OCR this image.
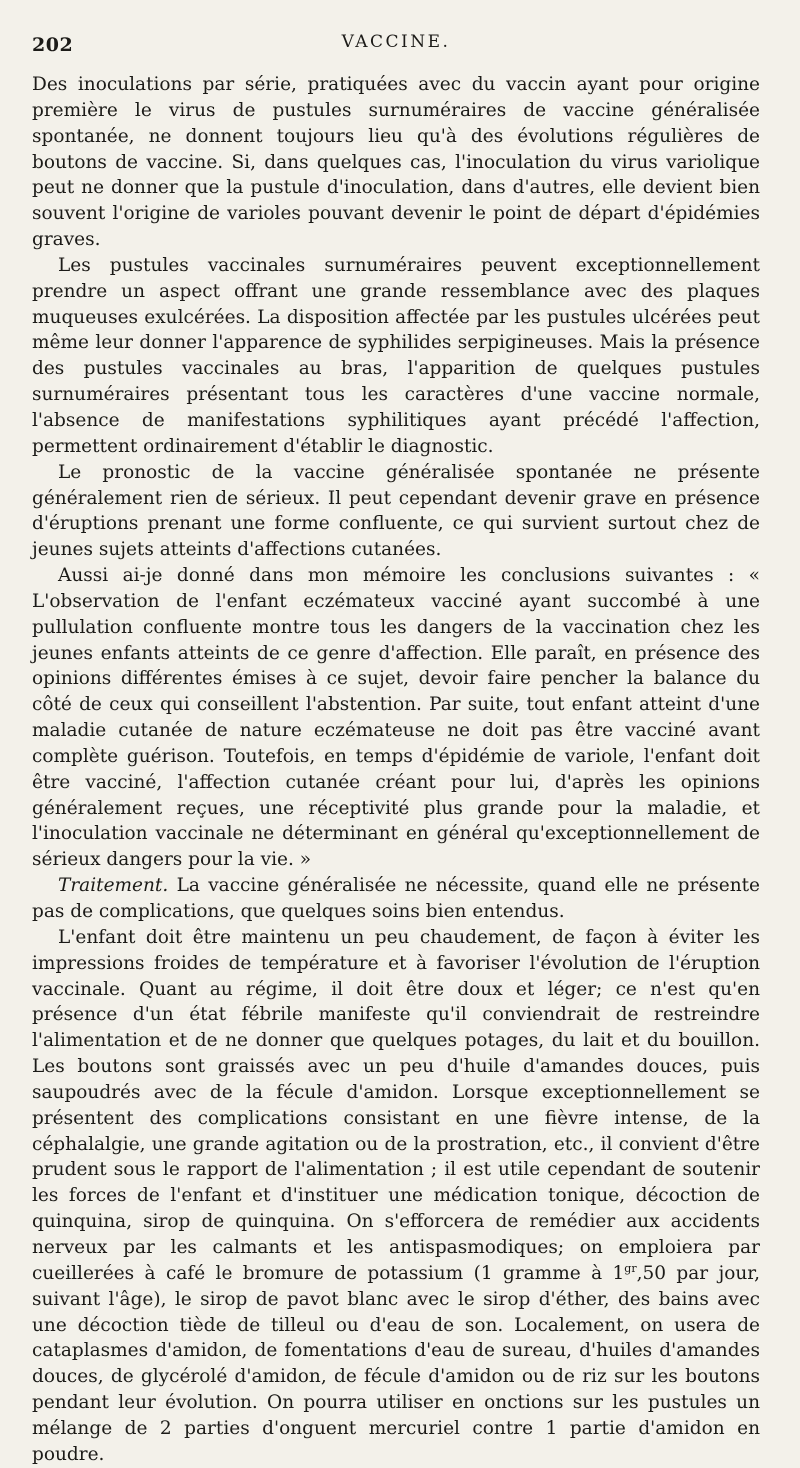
202	VACCINE.

Des inoculations par série, pratiquées avec du vaccin ayant pour origine première le virus de pustules surnuméraires de vaccine généralisée spontanée, ne donnent toujours lieu qu'à des évolutions régulières de boutons de vaccine. Si, dans quelques cas, l'inoculation du virus variolique peut ne donner que la pustule d'inoculation, dans d'autres, elle devient bien souvent l'origine de varioles pouvant devenir le point de départ d'épidémies graves.

Les pustules vaccinales surnuméraires peuvent exceptionnellement prendre un aspect offrant une grande ressemblance avec des plaques muqueuses exulcérées. La disposition affectée par les pustules ulcérées peut même leur donner l'apparence de syphilides serpigineuses. Mais la présence des pustules vaccinales au bras, l'apparition de quelques pustules surnuméraires présentant tous les caractères d'une vaccine normale, l'absence de manifestations syphilitiques ayant précédé l'affection, permettent ordinairement d'établir le diagnostic.

Le pronostic de la vaccine généralisée spontanée ne présente généralement rien de sérieux. Il peut cependant devenir grave en présence d'éruptions prenant une forme confluente, ce qui survient surtout chez de jeunes sujets atteints d'affections cutanées.

Aussi ai-je donné dans mon mémoire les conclusions suivantes : « L'observation de l'enfant eczémateux vacciné ayant succombé à une pullulation confluente montre tous les dangers de la vaccination chez les jeunes enfants atteints de ce genre d'affection. Elle paraît, en présence des opinions différentes émises à ce sujet, devoir faire pencher la balance du côté de ceux qui conseillent l'abstention. Par suite, tout enfant atteint d'une maladie cutanée de nature eczémateuse ne doit pas être vacciné avant complète guérison. Toutefois, en temps d'épidémie de variole, l'enfant doit être vacciné, l'affection cutanée créant pour lui, d'après les opinions généralement reçues, une réceptivité plus grande pour la maladie, et l'inoculation vaccinale ne déterminant en général qu'exceptionnellement de sérieux dangers pour la vie. »

Traitement. La vaccine généralisée ne nécessite, quand elle ne présente pas de complications, que quelques soins bien entendus.

L'enfant doit être maintenu un peu chaudement, de façon à éviter les impressions froides de température et à favoriser l'évolution de l'éruption vaccinale. Quant au régime, il doit être doux et léger; ce n'est qu'en présence d'un état fébrile manifeste qu'il conviendrait de restreindre l'alimentation et de ne donner que quelques potages, du lait et du bouillon. Les boutons sont graissés avec un peu d'huile d'amandes douces, puis saupoudrés avec de la fécule d'amidon. Lorsque exceptionnellement se présentent des complications consistant en une fièvre intense, de la céphalalgie, une grande agitation ou de la prostration, etc., il convient d'être prudent sous le rapport de l'alimentation ; il est utile cependant de soutenir les forces de l'enfant et d'instituer une médication tonique, décoction de quinquina, sirop de quinquina. On s'efforcera de remédier aux accidents nerveux par les calmants et les antispasmodiques; on emploiera par cueillerées à café le bromure de potassium (1 gramme à $1^{gr},50$ par jour, suivant l'âge), le sirop de pavot blanc avec le sirop d'éther, des bains avec une décoction tiède de tilleul ou d'eau de son. Localement, on usera de cataplasmes d'amidon, de fomentations d'eau de sureau, d'huiles d'amandes douces, de glycérolé d'amidon, de fécule d'amidon ou de riz sur les boutons pendant leur évolution. On pourra utiliser en onctions sur les pustules un mélange de 2 parties d'onguent mercuriel contre 1 partie d'amidon en poudre.
